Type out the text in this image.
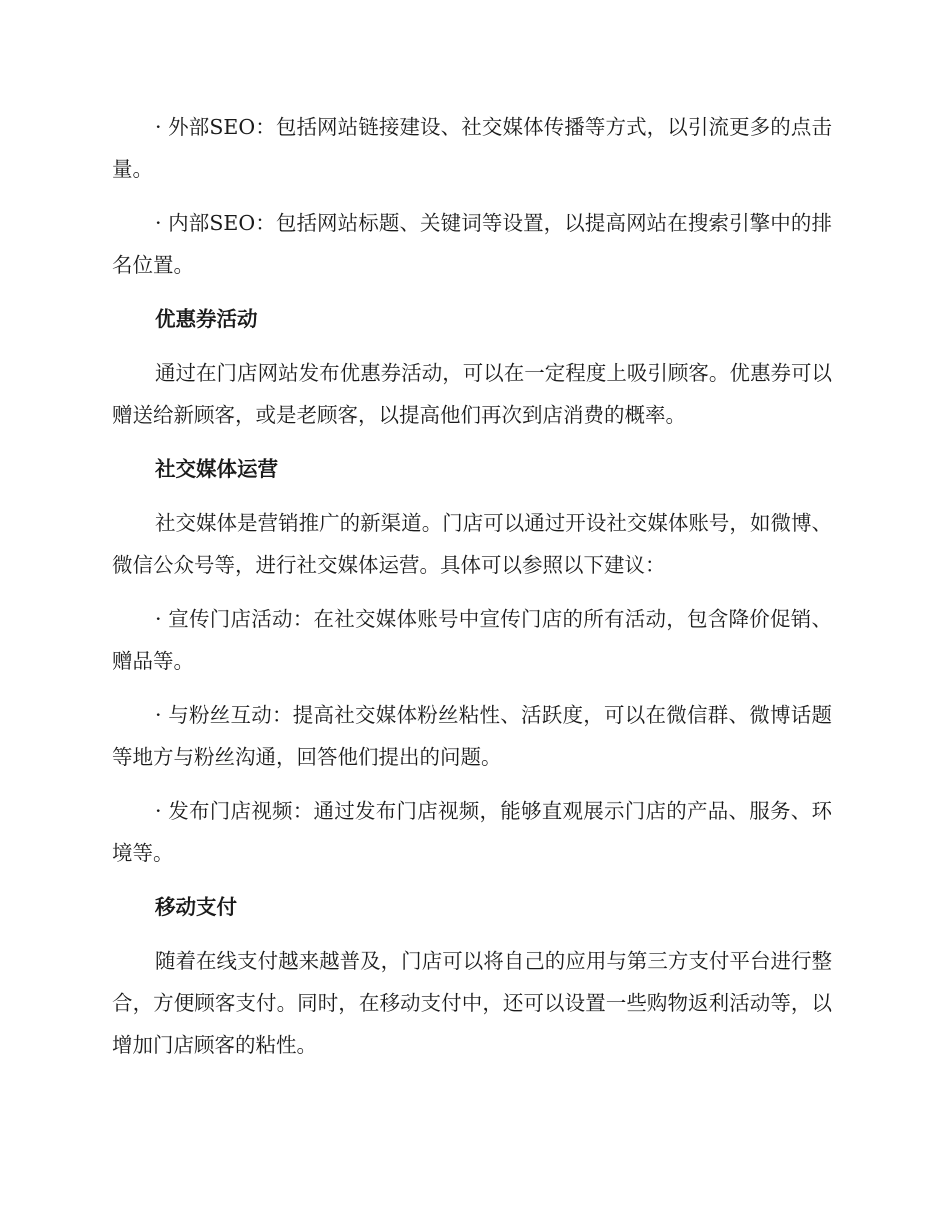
· 外部SEO：包括网站链接建设、社交媒体传播等方式，以引流更多的点击量。

· 内部SEO：包括网站标题、关键词等设置，以提高网站在搜索引擎中的排名位置。

优惠券活动

通过在门店网站发布优惠券活动，可以在一定程度上吸引顾客。优惠券可以赠送给新顾客，或是老顾客，以提高他们再次到店消费的概率。

社交媒体运营

社交媒体是营销推广的新渠道。门店可以通过开设社交媒体账号，如微博、微信公众号等，进行社交媒体运营。具体可以参照以下建议：

· 宣传门店活动：在社交媒体账号中宣传门店的所有活动，包含降价促销、赠品等。

· 与粉丝互动：提高社交媒体粉丝粘性、活跃度，可以在微信群、微博话题等地方与粉丝沟通，回答他们提出的问题。

· 发布门店视频：通过发布门店视频，能够直观展示门店的产品、服务、环境等。

移动支付

随着在线支付越来越普及，门店可以将自己的应用与第三方支付平台进行整合，方便顾客支付。同时，在移动支付中，还可以设置一些购物返利活动等，以增加门店顾客的粘性。
